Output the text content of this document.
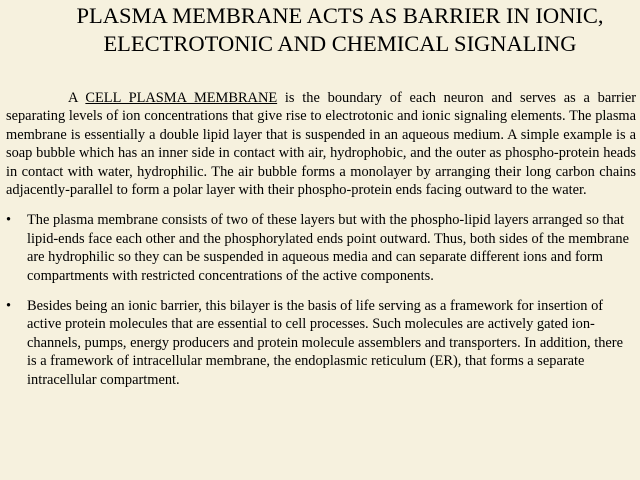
PLASMA MEMBRANE ACTS AS BARRIER IN IONIC, ELECTROTONIC AND CHEMICAL SIGNALING

A CELL PLASMA MEMBRANE is the boundary of each neuron and serves as a barrier separating levels of ion concentrations that give rise to electrotonic and ionic signaling elements. The plasma membrane is essentially a double lipid layer that is suspended in an aqueous medium. A simple example is a soap bubble which has an inner side in contact with air, hydrophobic, and the outer as phospho-protein heads in contact with water, hydrophilic. The air bubble forms a monolayer by arranging their long carbon chains adjacently-parallel to form a polar layer with their phospho-protein ends facing outward to the water.

• The plasma membrane consists of two of these layers but with the phospho-lipid layers arranged so that lipid-ends face each other and the phosphorylated ends point outward. Thus, both sides of the membrane are hydrophilic so they can be suspended in aqueous media and can separate different ions and form compartments with restricted concentrations of the active components.
• Besides being an ionic barrier, this bilayer is the basis of life serving as a framework for insertion of active protein molecules that are essential to cell processes. Such molecules are actively gated ion-channels, pumps, energy producers and protein molecule assemblers and transporters. In addition, there is a framework of intracellular membrane, the endoplasmic reticulum (ER), that forms a separate intracellular compartment.
